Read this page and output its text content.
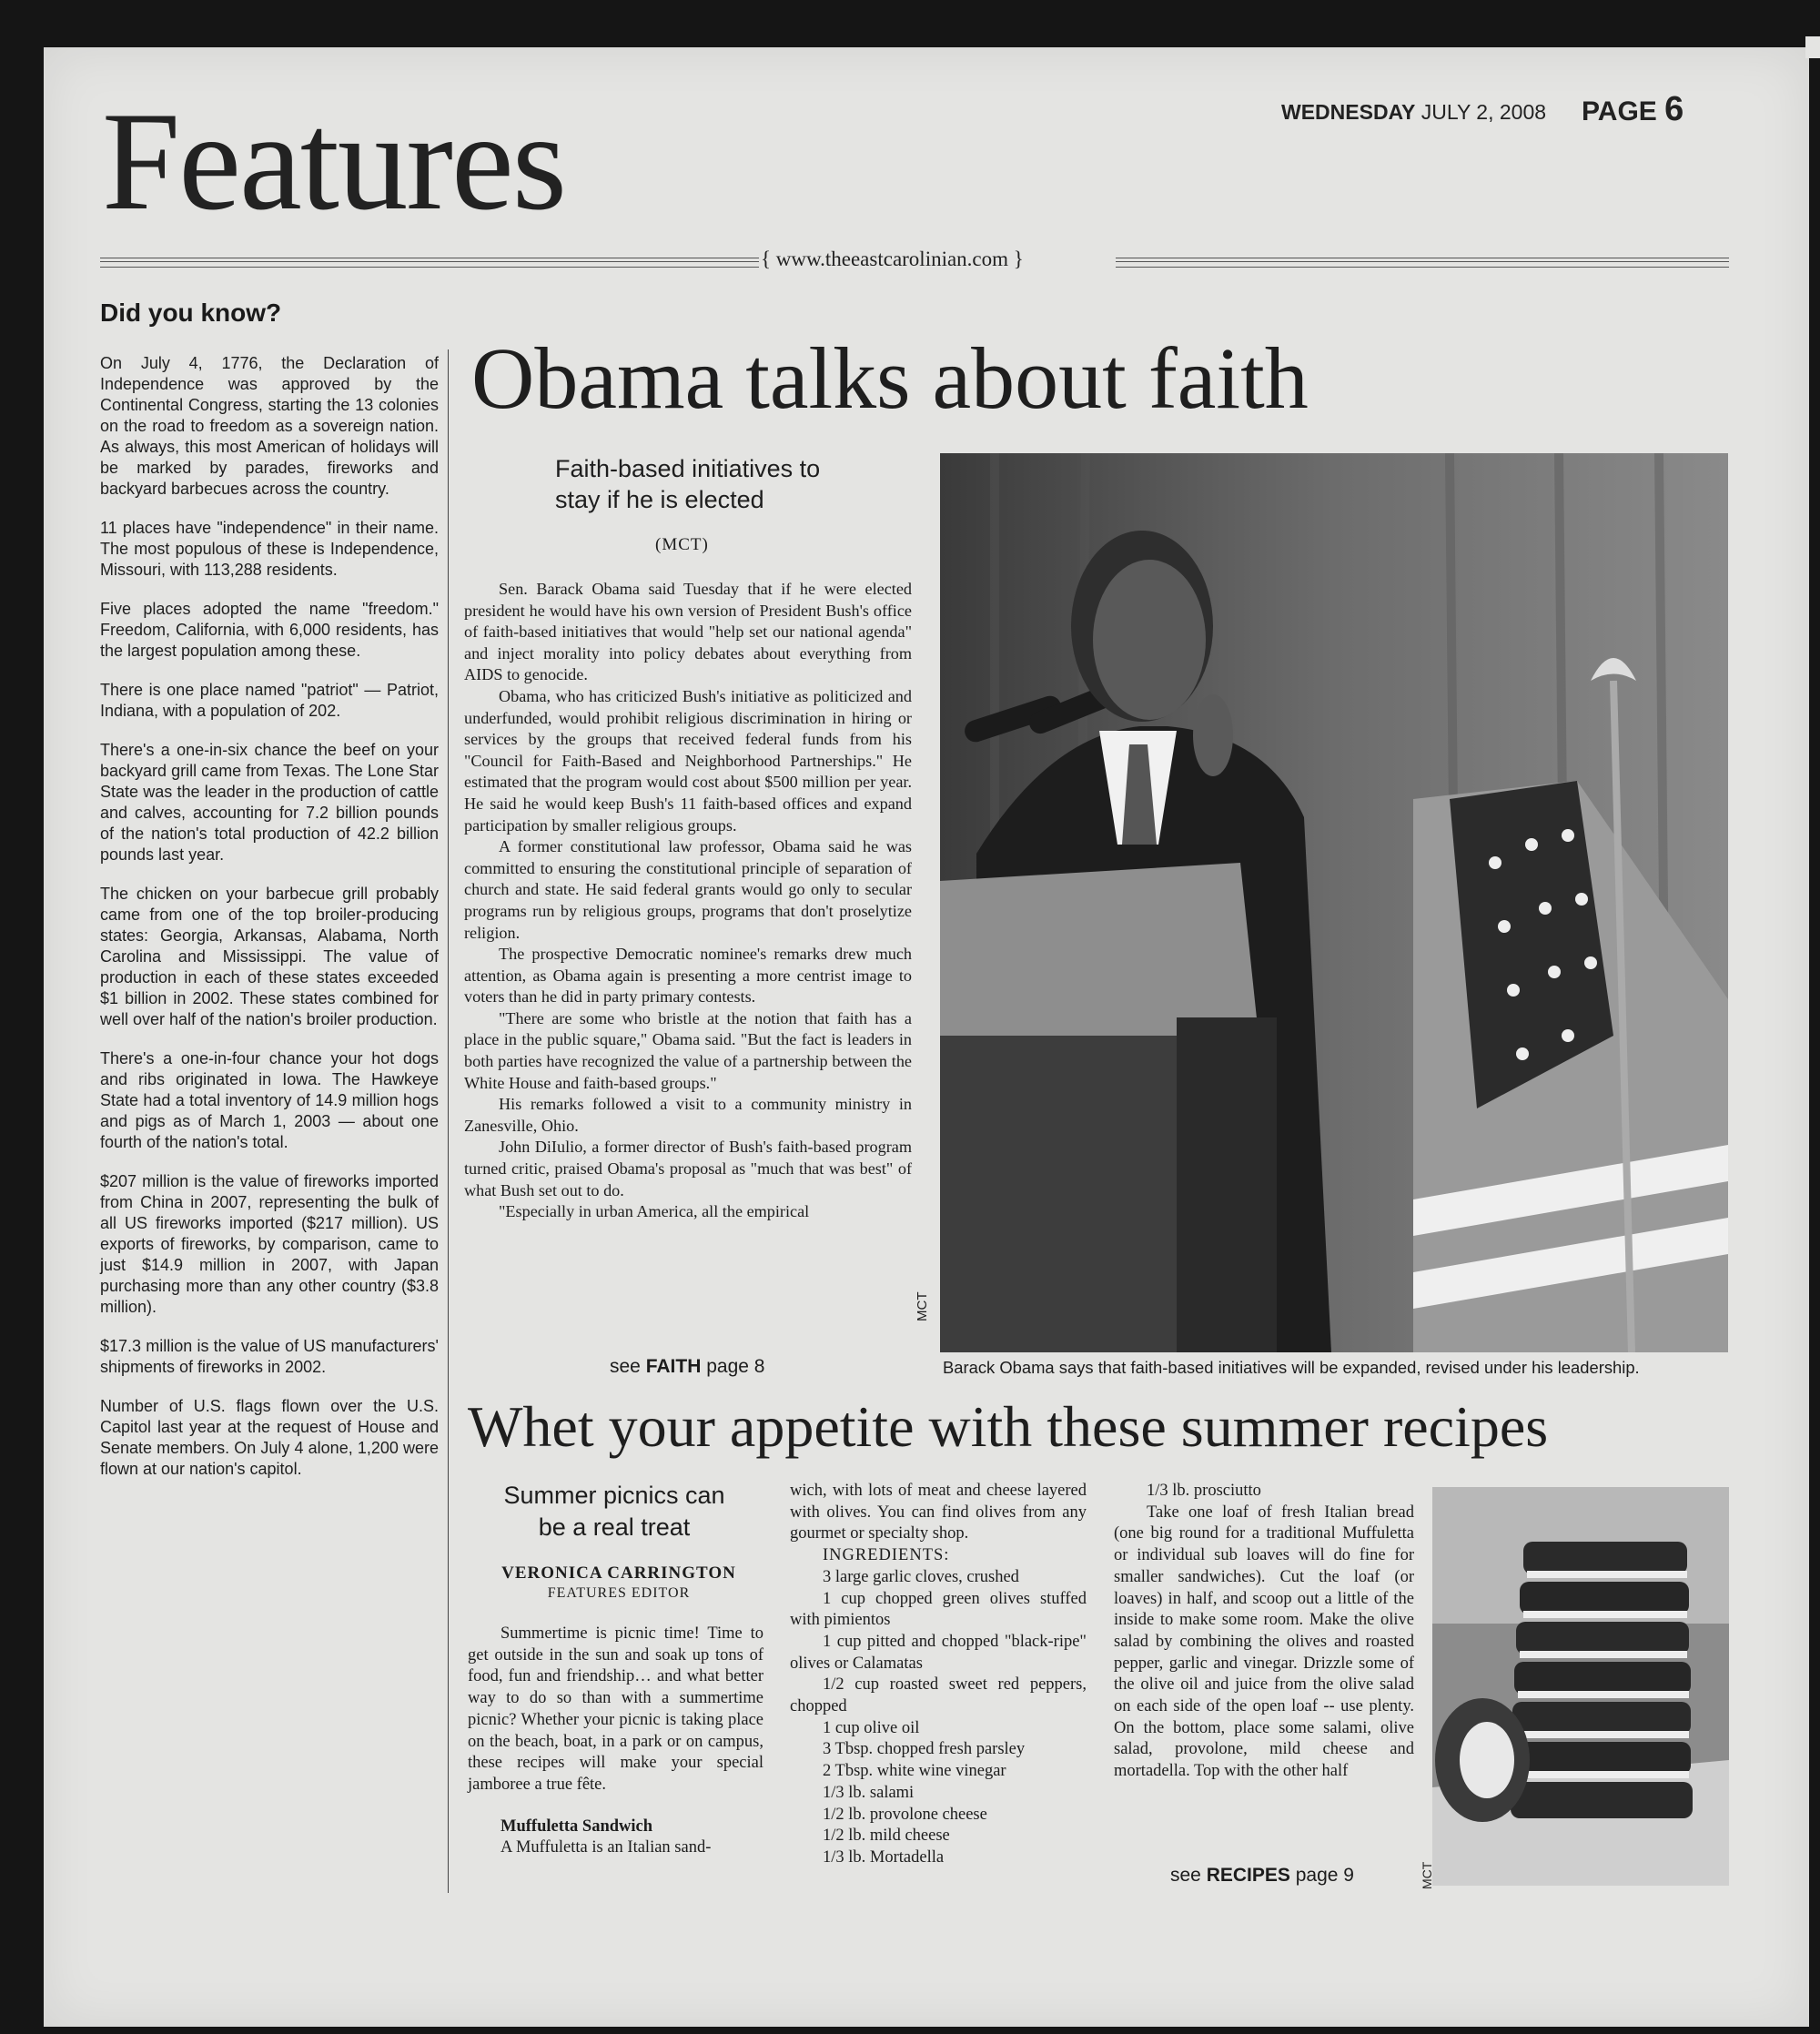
Features	WEDNESDAY JULY 2, 2008 PAGE 6
{ www.theeastcarolinian.com }
Did you know?

On July 4, 1776, the Declaration of Independence was approved by the Continental Congress, starting the 13 colonies on the road to freedom as a sovereign nation. As always, this most American of holidays will be marked by parades, fireworks and backyard barbecues across the country.

11 places have "independence" in their name. The most populous of these is Independence, Missouri, with 113,288 residents.

Five places adopted the name "freedom." Freedom, California, with 6,000 residents, has the largest population among these.

There is one place named "patriot" — Patriot, Indiana, with a population of 202.

There's a one-in-six chance the beef on your backyard grill came from Texas. The Lone Star State was the leader in the production of cattle and calves, accounting for 7.2 billion pounds of the nation's total production of 42.2 billion pounds last year.

The chicken on your barbecue grill probably came from one of the top broiler-producing states: Georgia, Arkansas, Alabama, North Carolina and Mississippi. The value of production in each of these states exceeded $1 billion in 2002. These states combined for well over half of the nation's broiler production.

There's a one-in-four chance your hot dogs and ribs originated in Iowa. The Hawkeye State had a total inventory of 14.9 million hogs and pigs as of March 1, 2003 — about one fourth of the nation's total.

$207 million is the value of fireworks imported from China in 2007, representing the bulk of all US fireworks imported ($217 million). US exports of fireworks, by comparison, came to just $14.9 million in 2007, with Japan purchasing more than any other country ($3.8 million).

$17.3 million is the value of US manufacturers' shipments of fireworks in 2002.

Number of U.S. flags flown over the U.S. Capitol last year at the request of House and Senate members. On July 4 alone, 1,200 were flown at our nation's capitol.

Obama talks about faith
Faith-based initiatives to stay if he is elected
(MCT)

Sen. Barack Obama said Tuesday that if he were elected president he would have his own version of President Bush's office of faith-based initiatives that would "help set our national agenda" and inject morality into policy debates about everything from AIDS to genocide.

Obama, who has criticized Bush's initiative as politicized and underfunded, would prohibit religious discrimination in hiring or services by the groups that received federal funds from his "Council for Faith-Based and Neighborhood Partnerships." He estimated that the program would cost about $500 million per year. He said he would keep Bush's 11 faith-based offices and expand participation by smaller religious groups.

A former constitutional law professor, Obama said he was committed to ensuring the constitutional principle of separation of church and state. He said federal grants would go only to secular programs run by religious groups, programs that don't proselytize religion.

The prospective Democratic nominee's remarks drew much attention, as Obama again is presenting a more centrist image to voters than he did in party primary contests.

"There are some who bristle at the notion that faith has a place in the public square," Obama said. "But the fact is leaders in both parties have recognized the value of a partnership between the White House and faith-based groups."

His remarks followed a visit to a community ministry in Zanesville, Ohio.

John DiIulio, a former director of Bush's faith-based program turned critic, praised Obama's proposal as "much that was best" of what Bush set out to do.

"Especially in urban America, all the empirical

see FAITH page 8
MCT
Barack Obama says that faith-based initiatives will be expanded, revised under his leadership.
Whet your appetite with these summer recipes
Summer picnics can be a real treat
VERONICA CARRINGTON
FEATURES EDITOR

Summertime is picnic time! Time to get outside in the sun and soak up tons of food, fun and friendship… and what better way to do so than with a summertime picnic? Whether your picnic is taking place on the beach, boat, in a park or on campus, these recipes will make your special jamboree a true fête.

Muffuletta Sandwich

A Muffuletta is an Italian sand-

wich, with lots of meat and cheese layered with olives. You can find olives from any gourmet or specialty shop.

INGREDIENTS:

3 large garlic cloves, crushed

1 cup chopped green olives stuffed with pimientos

1 cup pitted and chopped "black-ripe" olives or Calamatas

1/2 cup roasted sweet red peppers, chopped

1 cup olive oil

3 Tbsp. chopped fresh parsley

2 Tbsp. white wine vinegar

1/3 lb. salami

1/2 lb. provolone cheese

1/2 lb. mild cheese

1/3 lb. Mortadella

1/3 lb. prosciutto

Take one loaf of fresh Italian bread (one big round for a traditional Muffuletta or individual sub loaves will do fine for smaller sandwiches). Cut the loaf (or loaves) in half, and scoop out a little of the inside to make some room. Make the olive salad by combining the olives and roasted pepper, garlic and vinegar. Drizzle some of the olive oil and juice from the olive salad on each side of the open loaf -- use plenty. On the bottom, place some salami, olive salad, provolone, mild cheese and mortadella. Top with the other half

see RECIPES page 9	MCT
